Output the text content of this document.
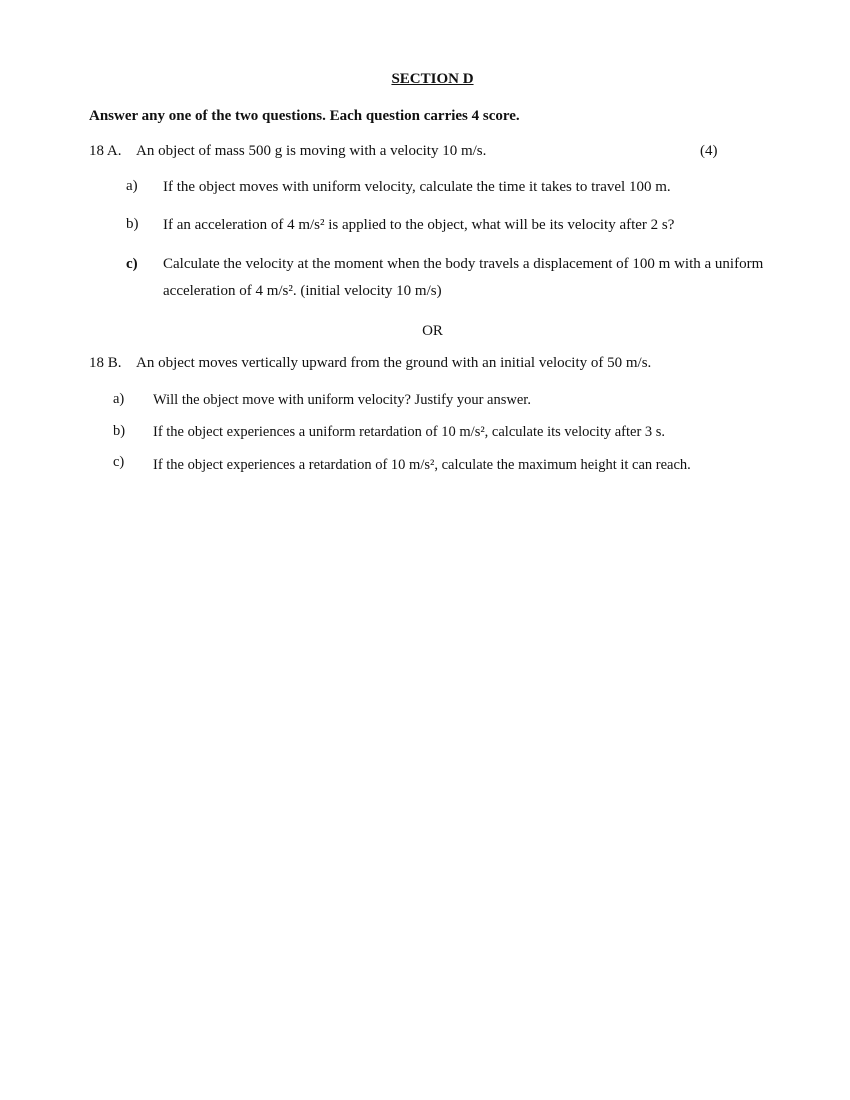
SECTION D
Answer any one of the two questions. Each question carries 4 score.
18 A. An object of mass 500 g is moving with a velocity 10 m/s.	(4)
a) If the object moves with uniform velocity, calculate the time it takes to travel 100 m.
b) If an acceleration of 4 m/s² is applied to the object, what will be its velocity after 2 s?
c) Calculate the velocity at the moment when the body travels a displacement of 100 m with a uniform acceleration of 4 m/s². (initial velocity 10 m/s)
OR
18 B. An object moves vertically upward from the ground with an initial velocity of 50 m/s.
a) Will the object move with uniform velocity? Justify your answer.
b) If the object experiences a uniform retardation of 10 m/s², calculate its velocity after 3 s.
c) If the object experiences a retardation of 10 m/s², calculate the maximum height it can reach.
